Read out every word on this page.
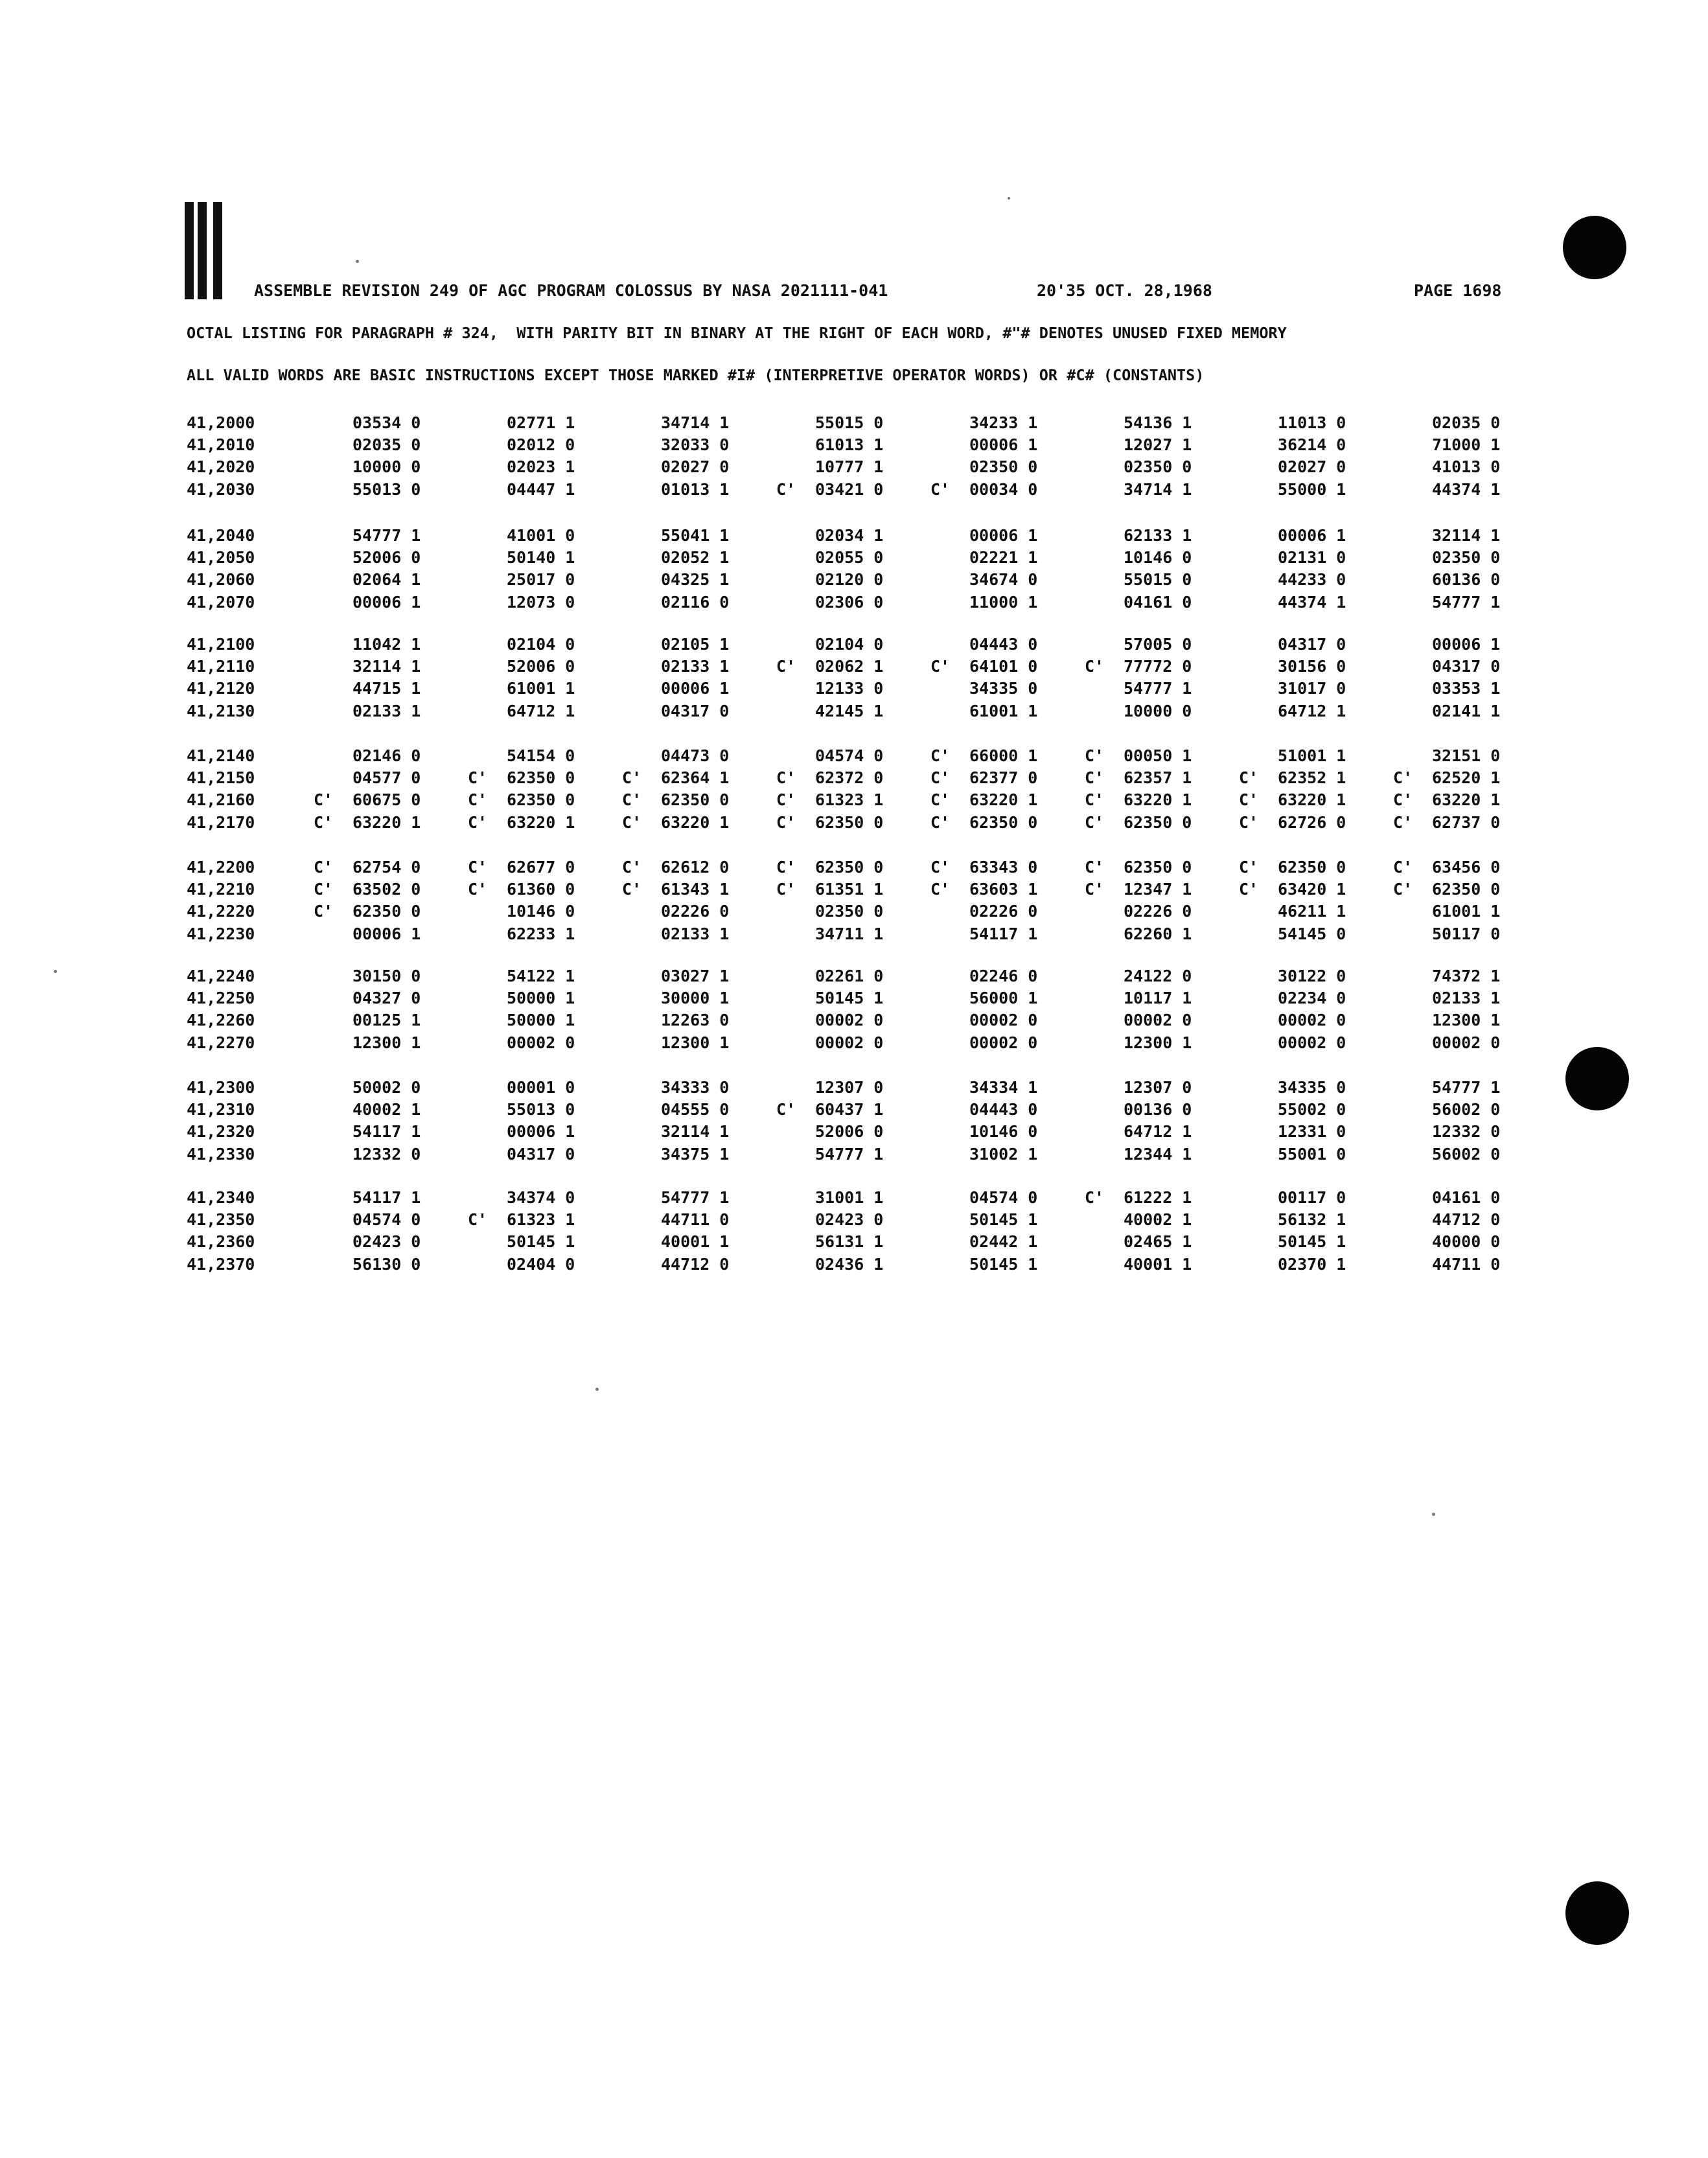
ASSEMBLE REVISION 249 OF AGC PROGRAM COLOSSUS BY NASA 2021111-041	20'35 OCT. 28,1968	PAGE 1698
OCTAL LISTING FOR PARAGRAPH # 324,  WITH PARITY BIT IN BINARY AT THE RIGHT OF EACH WORD, #"# DENOTES UNUSED FIXED MEMORY
ALL VALID WORDS ARE BASIC INSTRUCTIONS EXCEPT THOSE MARKED #I# (INTERPRETIVE OPERATOR WORDS) OR #C# (CONSTANTS)
41,2000	03534 0	02771 1	34714 1	55015 0	34233 1	54136 1	11013 0	02035 0
41,2010	02035 0	02012 0	32033 0	61013 1	00006 1	12027 1	36214 0	71000 1
41,2020	10000 0	02023 1	02027 0	10777 1	02350 0	02350 0	02027 0	41013 0
41,2030	55013 0	04447 1	01013 1	C' 03421 0	C' 00034 0	34714 1	55000 1	44374 1
41,2040	54777 1	41001 0	55041 1	02034 1	00006 1	62133 1	00006 1	32114 1
41,2050	52006 0	50140 1	02052 1	02055 0	02221 1	10146 0	02131 0	02350 0
41,2060	02064 1	25017 0	04325 1	02120 0	34674 0	55015 0	44233 0	60136 0
41,2070	00006 1	12073 0	02116 0	02306 0	11000 1	04161 0	44374 1	54777 1
41,2100	11042 1	02104 0	02105 1	02104 0	04443 0	57005 0	04317 0	00006 1
41,2110	32114 1	52006 0	02133 1	C' 02062 1	C' 64101 0	C' 77772 0	30156 0	04317 0
41,2120	44715 1	61001 1	00006 1	12133 0	34335 0	54777 1	31017 0	03353 1
41,2130	02133 1	64712 1	04317 0	42145 1	61001 1	10000 0	64712 1	02141 1
41,2140	02146 0	54154 0	04473 0	04574 0	C' 66000 1	C' 00050 1	51001 1	32151 0
41,2150	04577 0	C' 62350 0	C' 62364 1	C' 62372 0	C' 62377 0	C' 62357 1	C' 62352 1	C' 62520 1
41,2160	C' 60675 0	C' 62350 0	C' 62350 0	C' 61323 1	C' 63220 1	C' 63220 1	C' 63220 1	C' 63220 1
41,2170	C' 63220 1	C' 63220 1	C' 63220 1	C' 62350 0	C' 62350 0	C' 62350 0	C' 62726 0	C' 62737 0
41,2200	C' 62754 0	C' 62677 0	C' 62612 0	C' 62350 0	C' 63343 0	C' 62350 0	C' 62350 0	C' 63456 0
41,2210	C' 63502 0	C' 61360 0	C' 61343 1	C' 61351 1	C' 63603 1	C' 12347 1	C' 63420 1	C' 62350 0
41,2220	C' 62350 0	10146 0	02226 0	02350 0	02226 0	02226 0	46211 1	61001 1
41,2230	00006 1	62233 1	02133 1	34711 1	54117 1	62260 1	54145 0	50117 0
41,2240	30150 0	54122 1	03027 1	02261 0	02246 0	24122 0	30122 0	74372 1
41,2250	04327 0	50000 1	30000 1	50145 1	56000 1	10117 1	02234 0	02133 1
41,2260	00125 1	50000 1	12263 0	00002 0	00002 0	00002 0	00002 0	12300 1
41,2270	12300 1	00002 0	12300 1	00002 0	00002 0	12300 1	00002 0	00002 0
41,2300	50002 0	00001 0	34333 0	12307 0	34334 1	12307 0	34335 0	54777 1
41,2310	40002 1	55013 0	04555 0	C' 60437 1	04443 0	00136 0	55002 0	56002 0
41,2320	54117 1	00006 1	32114 1	52006 0	10146 0	64712 1	12331 0	12332 0
41,2330	12332 0	04317 0	34375 1	54777 1	31002 1	12344 1	55001 0	56002 0
41,2340	54117 1	34374 0	54777 1	31001 1	04574 0	C' 61222 1	00117 0	04161 0
41,2350	04574 0	C' 61323 1	44711 0	02423 0	50145 1	40002 1	56132 1	44712 0
41,2360	02423 0	50145 1	40001 1	56131 1	02442 1	02465 1	50145 1	40000 0
41,2370	56130 0	02404 0	44712 0	02436 1	50145 1	40001 1	02370 1	44711 0
